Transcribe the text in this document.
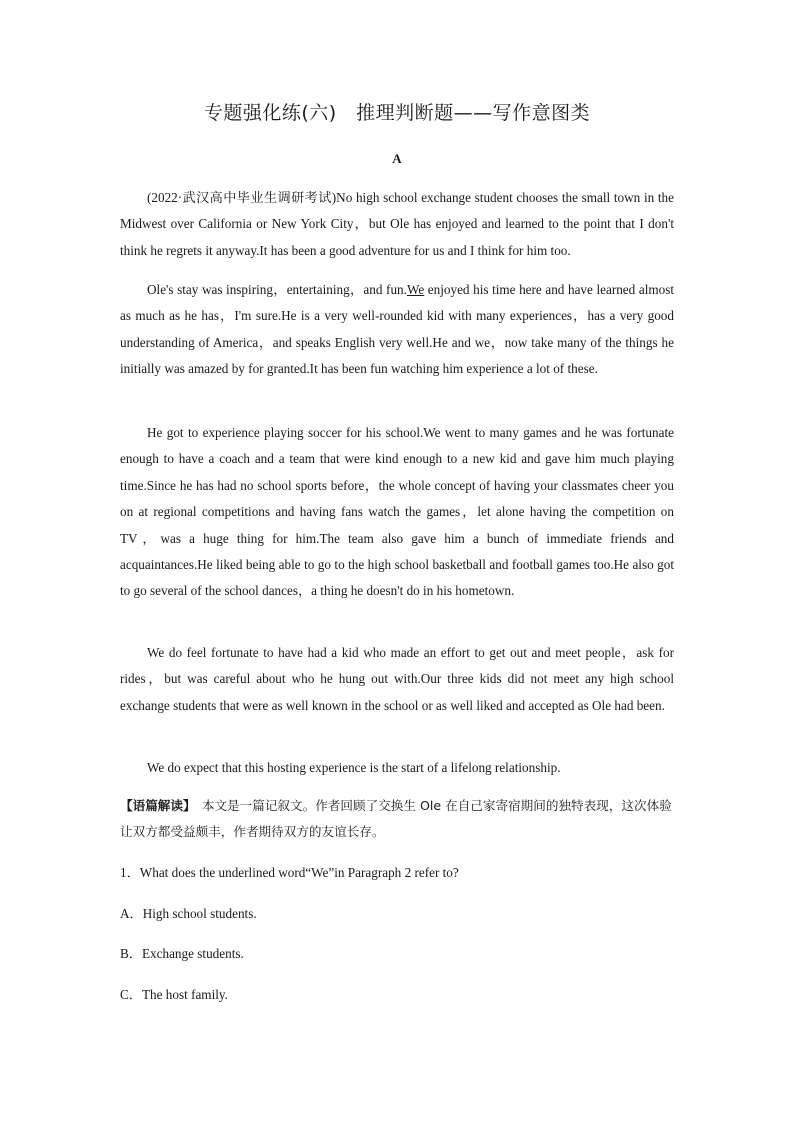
专题强化练(六)　推理判断题——写作意图类
A

(2022·武汉高中毕业生调研考试)No high school exchange student chooses the small town in the Midwest over California or New York City，but Ole has enjoyed and learned to the point that I don't think he regrets it anyway.It has been a good adventure for us and I think for him too.

Ole's stay was inspiring，entertaining，and fun.We enjoyed his time here and have learned almost as much as he has，I'm sure.He is a very well-rounded kid with many experiences，has a very good understanding of America，and speaks English very well.He and we，now take many of the things he initially was amazed by for granted.It has been fun watching him experience a lot of these.

He got to experience playing soccer for his school.We went to many games and he was fortunate enough to have a coach and a team that were kind enough to a new kid and gave him much playing time.Since he has had no school sports before，the whole concept of having your classmates cheer you on at regional competitions and having fans watch the games，let alone having the competition on TV，was a huge thing for him.The team also gave him a bunch of immediate friends and acquaintances.He liked being able to go to the high school basketball and football games too.He also got to go several of the school dances，a thing he doesn't do in his hometown.

We do feel fortunate to have had a kid who made an effort to get out and meet people，ask for rides，but was careful about who he hung out with.Our three kids did not meet any high school exchange students that were as well known in the school or as well liked and accepted as Ole had been.

We do expect that this hosting experience is the start of a lifelong relationship.

【语篇解读】　本文是一篇记叙文。作者回顾了交换生 Ole 在自己家寄宿期间的独特表现，这次体验让双方都受益颇丰，作者期待双方的友谊长存。

1．What does the underlined word“We”in Paragraph 2 refer to?

A．High school students.

B．Exchange students.

C．The host family.
